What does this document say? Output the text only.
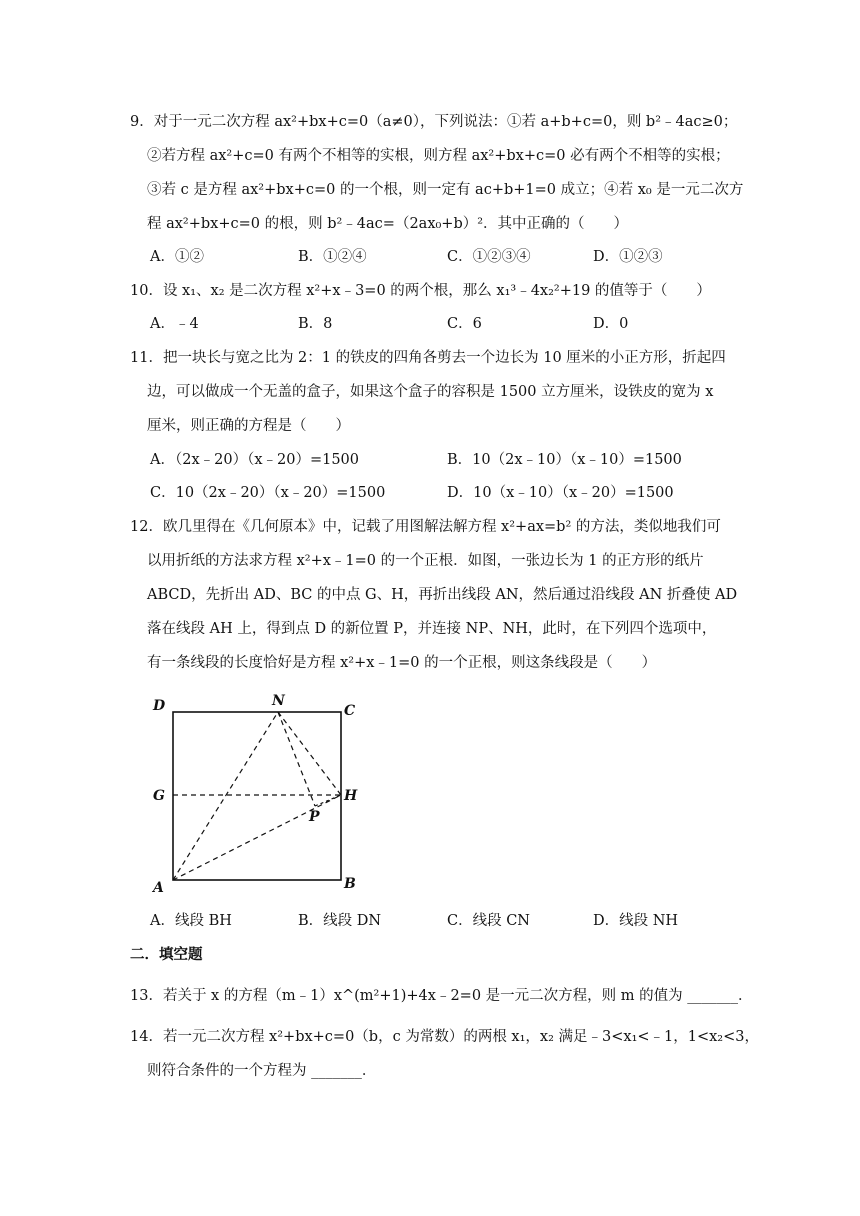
9．对于一元二次方程 ax²+bx+c=0（a≠0），下列说法：①若 a+b+c=0，则 b²﹣4ac≥0；
②若方程 ax²+c=0 有两个不相等的实根，则方程 ax²+bx+c=0 必有两个不相等的实根；
③若 c 是方程 ax²+bx+c=0 的一个根，则一定有 ac+b+1=0 成立；④若 x₀ 是一元二次方
程 ax²+bx+c=0 的根，则 b²﹣4ac=（2ax₀+b）²．其中正确的（　　）
A．①②	B．①②④	C．①②③④	D．①②③
10．设 x₁、x₂ 是二次方程 x²+x﹣3=0 的两个根，那么 x₁³﹣4x₂²+19 的值等于（　　）
A．﹣4	B．8	C．6	D．0
11．把一块长与宽之比为 2：1 的铁皮的四角各剪去一个边长为 10 厘米的小正方形，折起四
边，可以做成一个无盖的盒子，如果这个盒子的容积是 1500 立方厘米，设铁皮的宽为 x
厘米，则正确的方程是（　　）
A．（2x﹣20）（x﹣20）=1500	B．10（2x﹣10）（x﹣10）=1500
C．10（2x﹣20）（x﹣20）=1500	D．10（x﹣10）（x﹣20）=1500
12．欧几里得在《几何原本》中，记载了用图解法解方程 x²+ax=b² 的方法，类似地我们可
以用折纸的方法求方程 x²+x﹣1=0 的一个正根．如图，一张边长为 1 的正方形的纸片
ABCD，先折出 AD、BC 的中点 G、H，再折出线段 AN，然后通过沿线段 AN 折叠使 AD
落在线段 AH 上，得到点 D 的新位置 P，并连接 NP、NH，此时，在下列四个选项中，
有一条线段的长度恰好是方程 x²+x﹣1=0 的一个正根，则这条线段是（　　）
D	N
C
G	H
P
A	B
A．线段 BH	B．线段 DN	C．线段 CN	D．线段 NH
二．填空题
13．若关于 x 的方程（m﹣1）x^(m²+1)+4x﹣2=0 是一元二次方程，则 m 的值为 _______．
14．若一元二次方程 x²+bx+c=0（b，c 为常数）的两根 x₁，x₂ 满足﹣3<x₁<﹣1，1<x₂<3，
则符合条件的一个方程为 _______．
